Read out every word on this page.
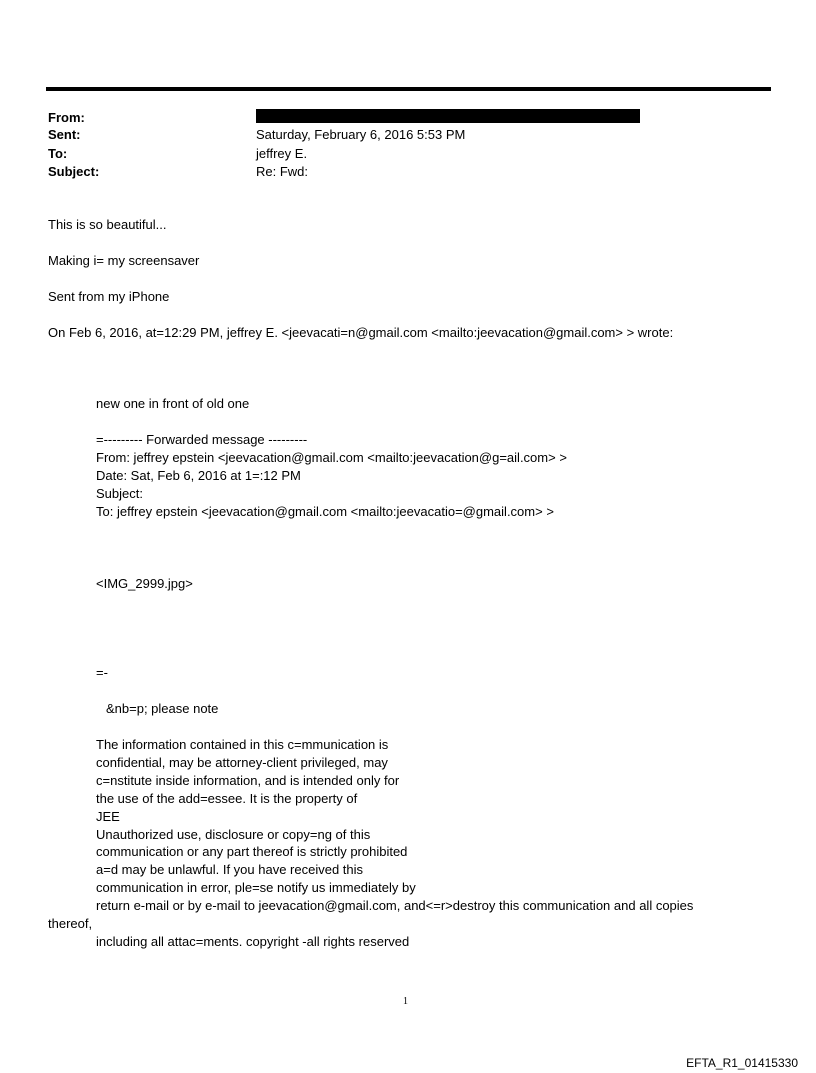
From:
Sent:	Saturday, February 6, 2016 5:53 PM
To:	jeffrey E.
Subject:	Re: Fwd:
This is so beautiful...
Making i= my screensaver
Sent from my iPhone
On Feb 6, 2016, at=12:29 PM, jeffrey E. <jeevacati=n@gmail.com <mailto:jeevacation@gmail.com> > wrote:
new one in front of old one
=--------- Forwarded message ---------
From: jeffrey epstein <jeevacation@gmail.com <mailto:jeevacation@g=ail.com> >
Date: Sat, Feb 6, 2016 at 1=:12 PM
Subject:
To: jeffrey epstein <jeevacation@gmail.com <mailto:jeevacatio=@gmail.com> >
<IMG_2999.jpg>
=-
&nb=p; please note
The information contained in this c=mmunication is
confidential, may be attorney-client privileged, may
c=nstitute inside information, and is intended only for
the use of the add=essee. It is the property of
JEE
Unauthorized use, disclosure or copy=ng of this
communication or any part thereof is strictly prohibited
a=d may be unlawful. If you have received this
communication in error, ple=se notify us immediately by
return e-mail or by e-mail to jeevacation@gmail.com, and<=r>destroy this communication and all copies
thereof,
including all attac=ments. copyright -all rights reserved
1
EFTA_R1_01415330
